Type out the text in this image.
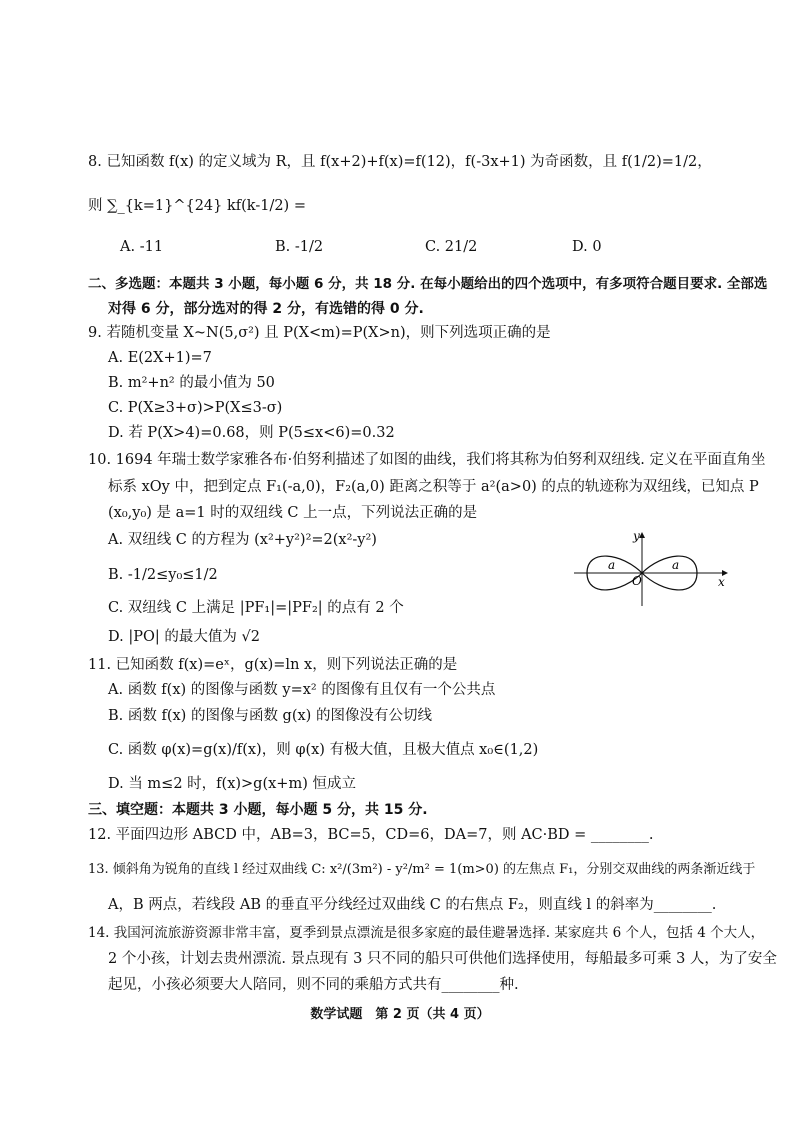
8. 已知函数 f(x) 的定义域为 R，且 f(x+2)+f(x)=f(12)，f(-3x+1) 为奇函数，且 f(1/2)=1/2，
则 ∑_{k=1}^{24} kf(k-1/2) =
A. -11	B. -1/2	C. 21/2	D. 0
二、多选题：本题共 3 小题，每小题 6 分，共 18 分. 在每小题给出的四个选项中，有多项符合题目要求. 全部选
对得 6 分，部分选对的得 2 分，有选错的得 0 分.
9. 若随机变量 X~N(5,σ²) 且 P(X<m)=P(X>n)，则下列选项正确的是
A. E(2X+1)=7
B. m²+n² 的最小值为 50
C. P(X≥3+σ)>P(X≤3-σ)
D. 若 P(X>4)=0.68，则 P(5≤x<6)=0.32
10. 1694 年瑞士数学家雅各布·伯努利描述了如图的曲线，我们将其称为伯努利双纽线. 定义在平面直角坐
标系 xOy 中，把到定点 F₁(-a,0)，F₂(a,0) 距离之积等于 a²(a>0) 的点的轨迹称为双纽线，已知点 P
(x₀,y₀) 是 a=1 时的双纽线 C 上一点，下列说法正确的是
A. 双纽线 C 的方程为 (x²+y²)²=2(x²-y²)
B. -1/2≤y₀≤1/2
C. 双纽线 C 上满足 |PF₁|=|PF₂| 的点有 2 个
D. |PO| 的最大值为 √2
a	a
O	x
y
11. 已知函数 f(x)=eˣ，g(x)=ln x，则下列说法正确的是
A. 函数 f(x) 的图像与函数 y=x² 的图像有且仅有一个公共点
B. 函数 f(x) 的图像与函数 g(x) 的图像没有公切线
C. 函数 φ(x)=g(x)/f(x)，则 φ(x) 有极大值，且极大值点 x₀∈(1,2)
D. 当 m≤2 时，f(x)>g(x+m) 恒成立
三、填空题：本题共 3 小题，每小题 5 分，共 15 分.
12. 平面四边形 ABCD 中，AB=3，BC=5，CD=6，DA=7，则 AC·BD = ________.
13. 倾斜角为锐角的直线 l 经过双曲线 C: x²/(3m²) - y²/m² = 1(m>0) 的左焦点 F₁，分别交双曲线的两条渐近线于
A，B 两点，若线段 AB 的垂直平分线经过双曲线 C 的右焦点 F₂，则直线 l 的斜率为________.
14. 我国河流旅游资源非常丰富，夏季到景点漂流是很多家庭的最佳避暑选择. 某家庭共 6 个人，包括 4 个大人，
2 个小孩，计划去贵州漂流. 景点现有 3 只不同的船只可供他们选择使用，每船最多可乘 3 人，为了安全
起见，小孩必须要大人陪同，则不同的乘船方式共有________种.
数学试题　第 2 页（共 4 页）
